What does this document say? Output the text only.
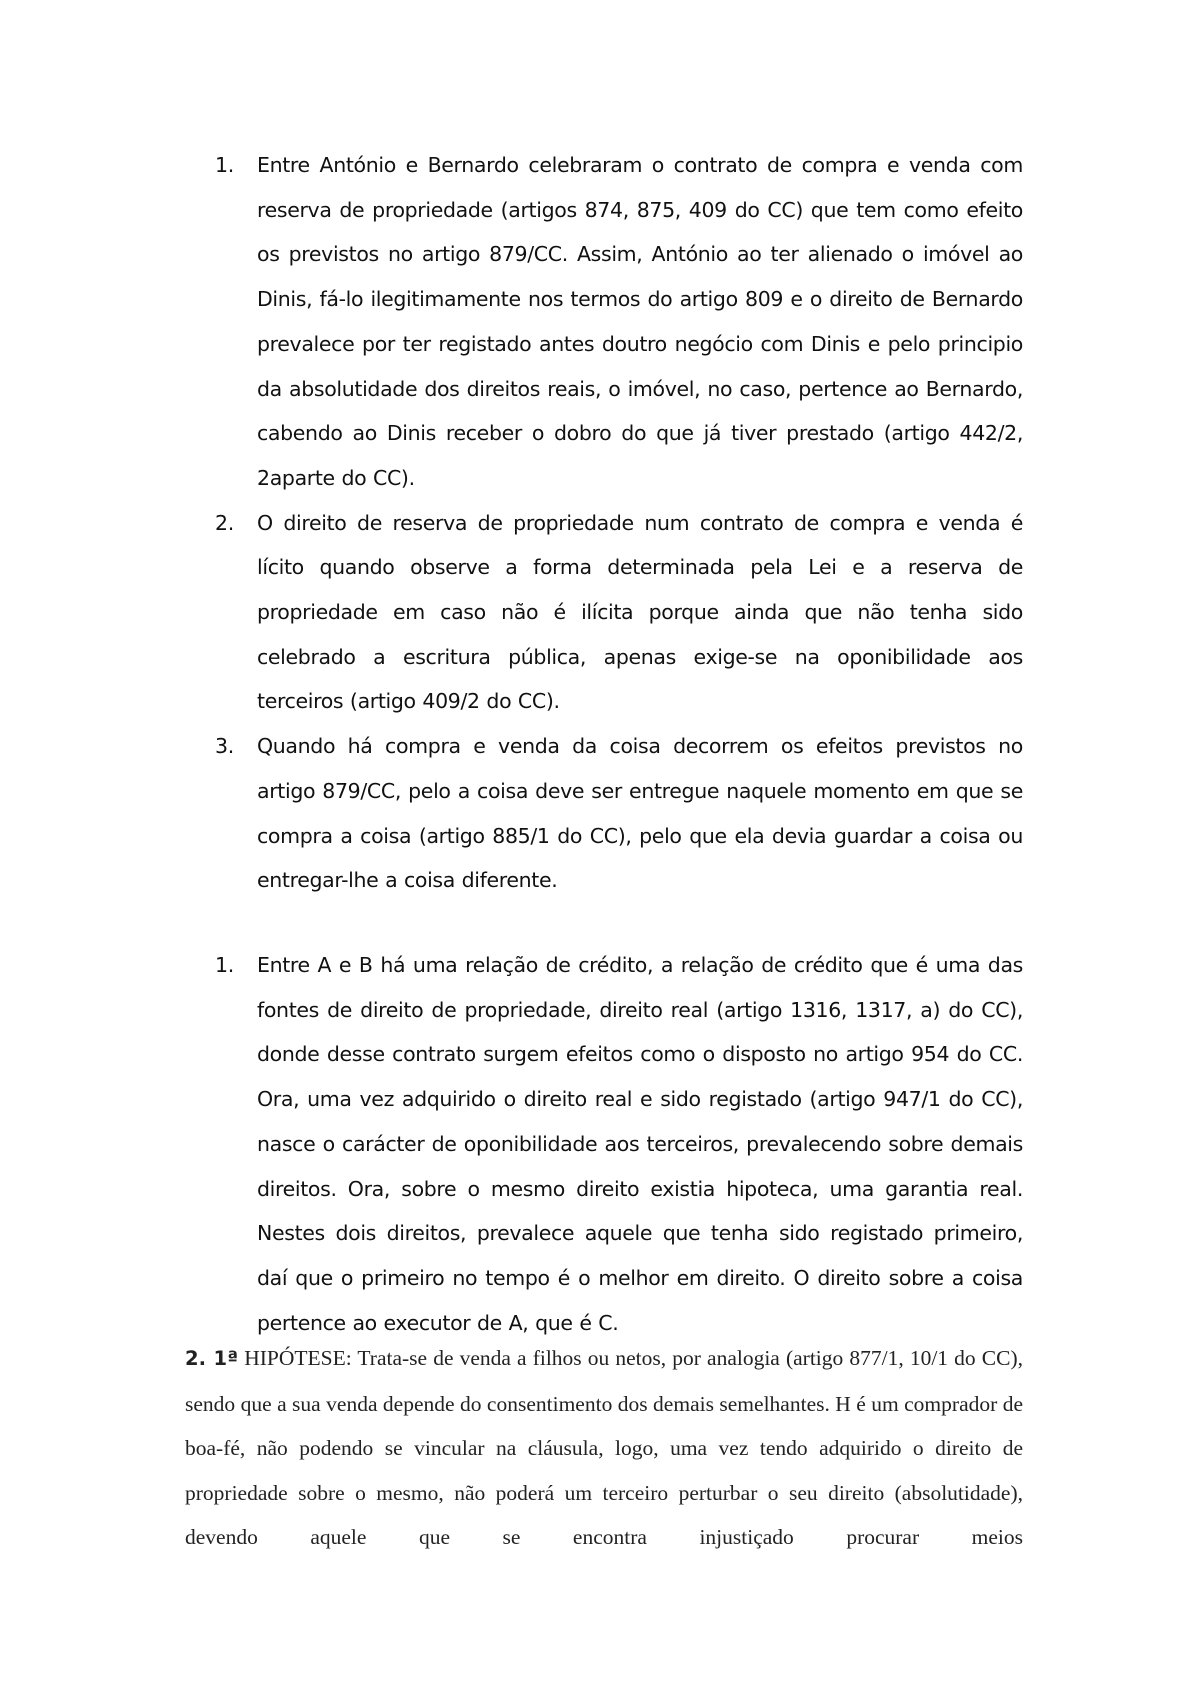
1.	Entre António e Bernardo celebraram o contrato de compra e venda com reserva de propriedade (artigos 874, 875, 409 do CC) que tem como efeito os previstos no artigo 879/CC. Assim, António ao ter alienado o imóvel ao Dinis, fá-lo ilegitimamente nos termos do artigo 809 e o direito de Bernardo prevalece por ter registado antes doutro negócio com Dinis e pelo principio da absolutidade dos direitos reais, o imóvel, no caso, pertence ao Bernardo, cabendo ao Dinis receber o dobro do que já tiver prestado (artigo 442/2, 2aparte do CC).
2.	O direito de reserva de propriedade num contrato de compra e venda é lícito quando observe a forma determinada pela Lei e a reserva de propriedade em caso não é ilícita porque ainda que não tenha sido celebrado a escritura pública, apenas exige-se na oponibilidade aos terceiros (artigo 409/2 do CC).
3.	Quando há compra e venda da coisa decorrem os efeitos previstos no artigo 879/CC, pelo a coisa deve ser entregue naquele momento em que se compra a coisa (artigo 885/1 do CC), pelo que ela devia guardar a coisa ou entregar-lhe a coisa diferente.
1.	Entre A e B há uma relação de crédito, a relação de crédito que é uma das fontes de direito de propriedade, direito real (artigo 1316, 1317, a) do CC), donde desse contrato surgem efeitos como o disposto no artigo 954 do CC. Ora, uma vez adquirido o direito real e sido registado (artigo 947/1 do CC), nasce o carácter de oponibilidade aos terceiros, prevalecendo sobre demais direitos. Ora, sobre o mesmo direito existia hipoteca, uma garantia real. Nestes dois direitos, prevalece aquele que tenha sido registado primeiro, daí que o primeiro no tempo é o melhor em direito. O direito sobre a coisa pertence ao executor de A, que é C.
2. 1ª HIPÓTESE: Trata-se de venda a filhos ou netos, por analogia (artigo 877/1, 10/1 do CC), sendo que a sua venda depende do consentimento dos demais semelhantes. H é um comprador de boa-fé, não podendo se vincular na cláusula, logo, uma vez tendo adquirido o direito de propriedade sobre o mesmo, não poderá um terceiro perturbar o seu direito (absolutidade), devendo aquele que se encontra injustiçado procurar meios
